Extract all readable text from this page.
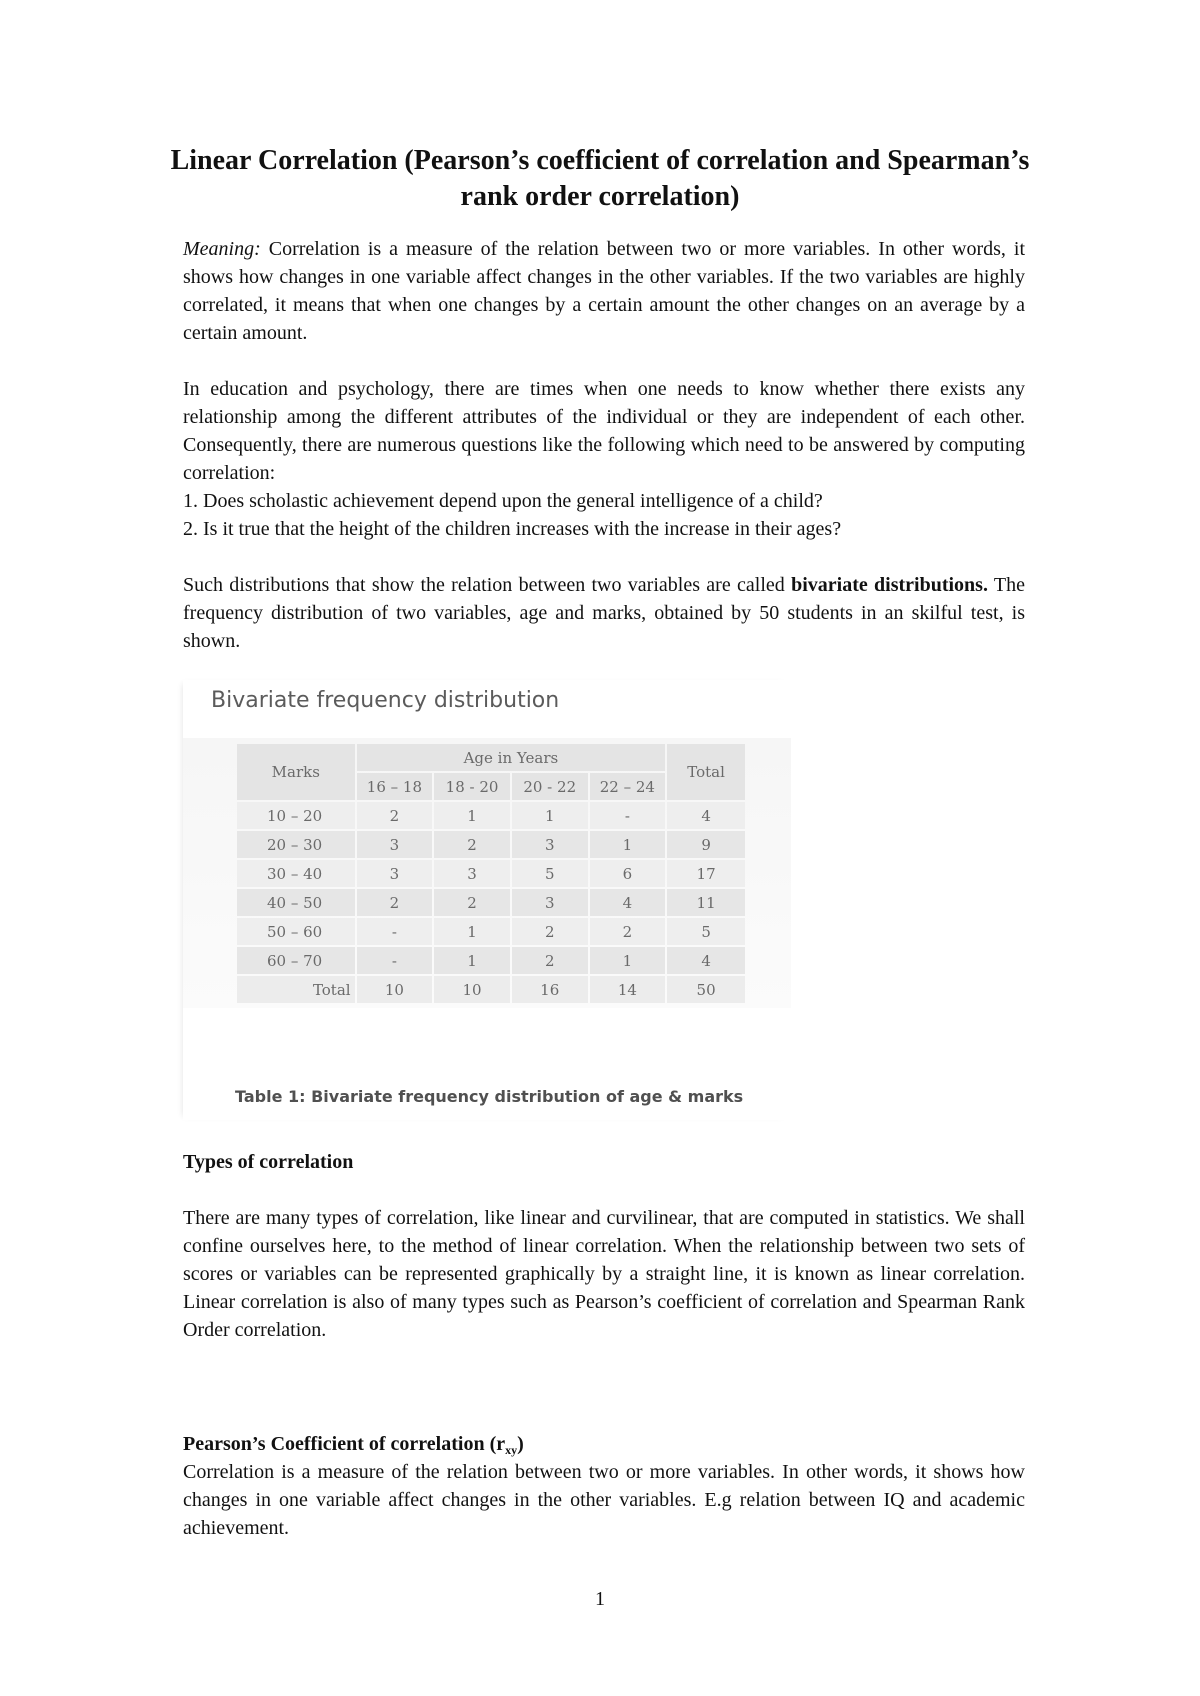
Linear Correlation (Pearson’s coefficient of correlation and Spearman’s rank order correlation)

Meaning: Correlation is a measure of the relation between two or more variables. In other words, it shows how changes in one variable affect changes in the other variables. If the two variables are highly correlated, it means that when one changes by a certain amount the other changes on an average by a certain amount.

In education and psychology, there are times when one needs to know whether there exists any relationship among the different attributes of the individual or they are independent of each other. Consequently, there are numerous questions like the following which need to be answered by computing correlation:
1. Does scholastic achievement depend upon the general intelligence of a child?
2. Is it true that the height of the children increases with the increase in their ages?

Such distributions that show the relation between two variables are called bivariate distributions. The frequency distribution of two variables, age and marks, obtained by 50 students in an skilful test, is shown.

Bivariate frequency distribution
Marks	Age in Years				Total
	16 – 18	18 - 20	20 - 22	22 – 24	
10 – 20	2	1	1	-	4
20 – 30	3	2	3	1	9
30 – 40	3	3	5	6	17
40 – 50	2	2	3	4	11
50 – 60	-	1	2	2	5
60 – 70	-	1	2	1	4
Total	10	10	16	14	50
Table 1: Bivariate frequency distribution of age & marks
Types of correlation
There are many types of correlation, like linear and curvilinear, that are computed in statistics. We shall confine ourselves here, to the method of linear correlation. When the relationship between two sets of scores or variables can be represented graphically by a straight line, it is known as linear correlation. Linear correlation is also of many types such as Pearson’s coefficient of correlation and Spearman Rank Order correlation.
Pearson’s Coefficient of correlation $(r_{xy})$
Correlation is a measure of the relation between two or more variables. In other words, it shows how changes in one variable affect changes in the other variables. E.g relation between IQ and academic achievement.
1
